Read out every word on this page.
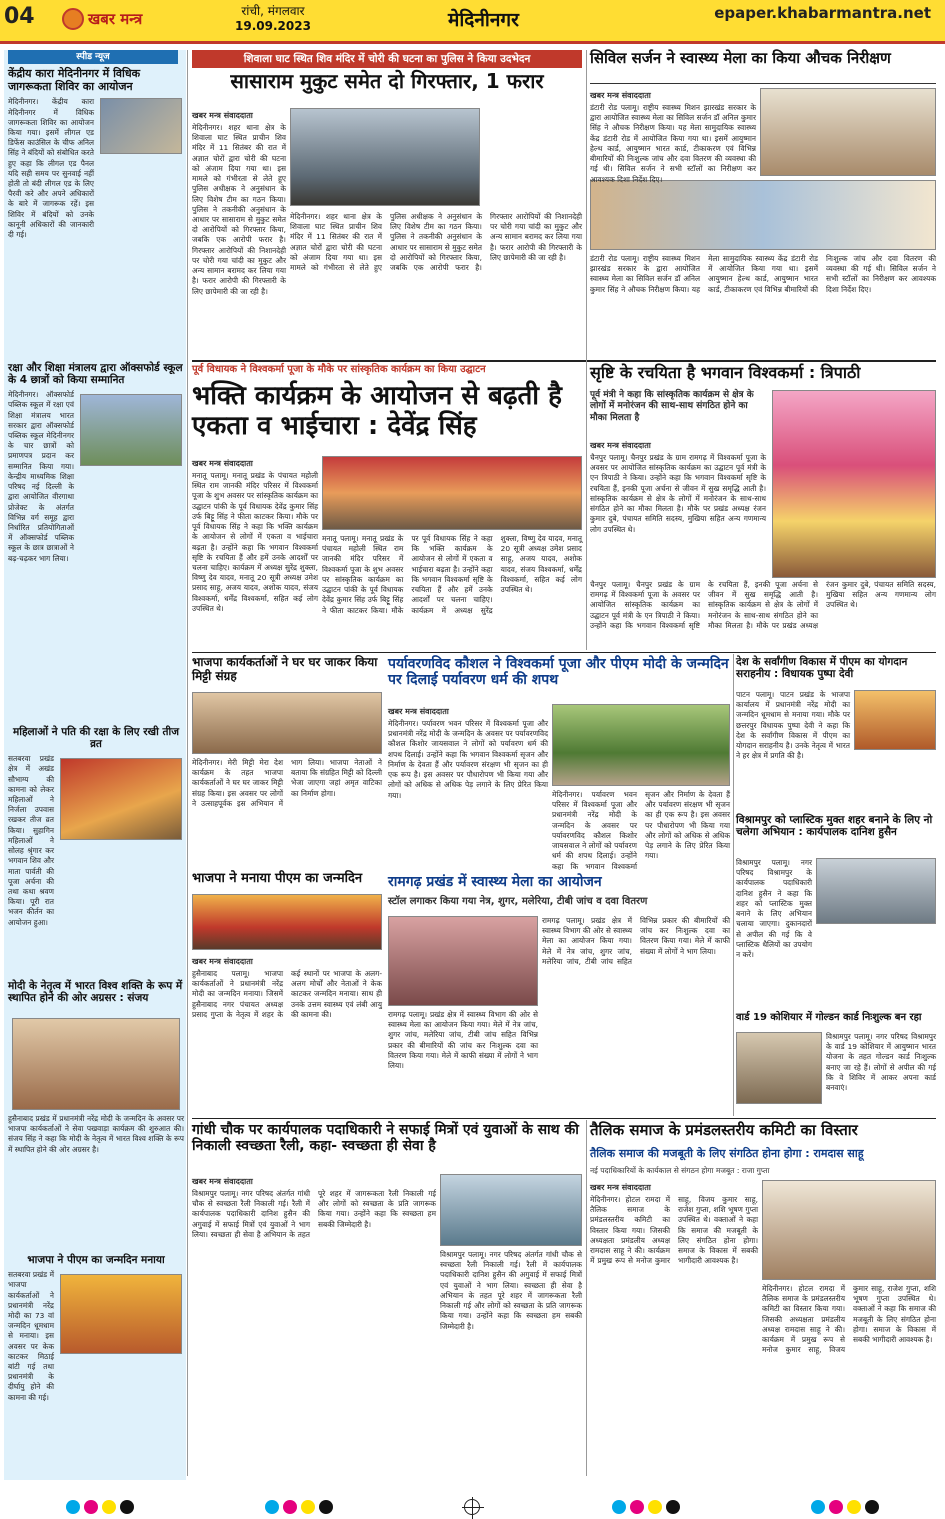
04	खबर मन्त्र	रांची, मंगलवार
19.09.2023	मेदिनीनगर	epaper.khabarmantra.net
स्पीड न्यूज
केंद्रीय कारा मेदिनीनगर में विधिक जागरूकता शिविर का आयोजन
मेदिनीनगर। केंद्रीय कारा मेदिनीनगर में विधिक जागरूकता शिविर का आयोजन किया गया। इसमें लीगल एड डिफेंस काउंसिल के चीफ अनिल सिंह ने बंदियों को संबोधित करते हुए कहा कि लीगल एड पैनल यदि सही समय पर सुनवाई नहीं होती तो बंदी लीगल एड के लिए पैरवी करे और अपने अधिकारों के बारे में जागरूक रहें। इस शिविर में बंदियों को उनके कानूनी अधिकारों की जानकारी दी गई।
रक्षा और शिक्षा मंत्रालय द्वारा ऑक्सफोर्ड स्कूल के 4 छात्रों को किया सम्मानित
मेदिनीनगर। ऑक्सफोर्ड पब्लिक स्कूल में रक्षा एवं शिक्षा मंत्रालय भारत सरकार द्वारा ऑक्सफोर्ड पब्लिक स्कूल मेदिनीनगर के चार छात्रों को प्रमाणपत्र प्रदान कर सम्मानित किया गया। केन्द्रीय माध्यमिक शिक्षा परिषद नई दिल्ली के द्वारा आयोजित वीरगाथा प्रोजेक्ट के अंतर्गत विभिन्न वर्ग समूह द्वारा निर्धारित प्रतियोगिताओं में ऑक्सफोर्ड पब्लिक स्कूल के छात्र छात्राओं ने बढ़-चढ़कर भाग लिया।
महिलाओं ने पति की रक्षा के लिए रखी तीज व्रत
सतबरवा प्रखंड क्षेत्र में अखंड सौभाग्य की कामना को लेकर महिलाओं ने निर्जला उपवास रखकर तीज व्रत किया। सुहागिन महिलाओं ने सोलह श्रृंगार कर भगवान शिव और माता पार्वती की पूजा अर्चना की तथा कथा श्रवण किया। पूरी रात भजन कीर्तन का आयोजन हुआ।
मोदी के नेतृत्व में भारत विश्व शक्ति के रूप में स्थापित होने की ओर अग्रसर : संजय
हुसैनाबाद प्रखंड में प्रधानमंत्री नरेंद्र मोदी के जन्मदिन के अवसर पर भाजपा कार्यकर्ताओं ने सेवा पखवाड़ा कार्यक्रम की शुरुआत की। संजय सिंह ने कहा कि मोदी के नेतृत्व में भारत विश्व शक्ति के रूप में स्थापित होने की ओर अग्रसर है।
भाजपा ने पीएम का जन्मदिन मनाया
सतबरवा प्रखंड में भाजपा कार्यकर्ताओं ने प्रधानमंत्री नरेंद्र मोदी का 73 वां जन्मदिन धूमधाम से मनाया। इस अवसर पर केक काटकर मिठाई बांटी गई तथा प्रधानमंत्री के दीर्घायु होने की कामना की गई।
शिवाला घाट स्थित शिव मंदिर में चोरी की घटना का पुलिस ने किया उदभेदन
सासाराम मुकुट समेत दो गिरफ्तार, 1 फरार
खबर मन्त्र संवाददाता
मेदिनीनगर। शहर थाना क्षेत्र के शिवाला घाट स्थित प्राचीन शिव मंदिर में 11 सितंबर की रात में अज्ञात चोरों द्वारा चोरी की घटना को अंजाम दिया गया था। इस मामले को गंभीरता से लेते हुए पुलिस अधीक्षक ने अनुसंधान के लिए विशेष टीम का गठन किया। पुलिस ने तकनीकी अनुसंधान के आधार पर सासाराम से मुकुट समेत दो आरोपियों को गिरफ्तार किया, जबकि एक आरोपी फरार है। गिरफ्तार आरोपियों की निशानदेही पर चोरी गया चांदी का मुकुट और अन्य सामान बरामद कर लिया गया है। फरार आरोपी की गिरफ्तारी के लिए छापेमारी की जा रही है।
मेदिनीनगर। शहर थाना क्षेत्र के शिवाला घाट स्थित प्राचीन शिव मंदिर में 11 सितंबर की रात में अज्ञात चोरों द्वारा चोरी की घटना को अंजाम दिया गया था। इस मामले को गंभीरता से लेते हुए पुलिस अधीक्षक ने अनुसंधान के लिए विशेष टीम का गठन किया। पुलिस ने तकनीकी अनुसंधान के आधार पर सासाराम से मुकुट समेत दो आरोपियों को गिरफ्तार किया, जबकि एक आरोपी फरार है। गिरफ्तार आरोपियों की निशानदेही पर चोरी गया चांदी का मुकुट और अन्य सामान बरामद कर लिया गया है। फरार आरोपी की गिरफ्तारी के लिए छापेमारी की जा रही है।
सिविल सर्जन ने स्वास्थ्य मेला का किया औचक निरीक्षण
खबर मन्त्र संवाददाता
डंटारी रोड पलामू। राष्ट्रीय स्वास्थ्य मिशन झारखंड सरकार के द्वारा आयोजित स्वास्थ्य मेला का सिविल सर्जन डॉ अनिल कुमार सिंह ने औचक निरीक्षण किया। यह मेला सामुदायिक स्वास्थ्य केंद्र डंटारी रोड में आयोजित किया गया था। इसमें आयुष्मान हेल्थ कार्ड, आयुष्मान भारत कार्ड, टीकाकरण एवं विभिन्न बीमारियों की निःशुल्क जांच और दवा वितरण की व्यवस्था की गई थी। सिविल सर्जन ने सभी स्टॉलों का निरीक्षण कर आवश्यक दिशा निर्देश दिए।
डंटारी रोड पलामू। राष्ट्रीय स्वास्थ्य मिशन झारखंड सरकार के द्वारा आयोजित स्वास्थ्य मेला का सिविल सर्जन डॉ अनिल कुमार सिंह ने औचक निरीक्षण किया। यह मेला सामुदायिक स्वास्थ्य केंद्र डंटारी रोड में आयोजित किया गया था। इसमें आयुष्मान हेल्थ कार्ड, आयुष्मान भारत कार्ड, टीकाकरण एवं विभिन्न बीमारियों की निःशुल्क जांच और दवा वितरण की व्यवस्था की गई थी। सिविल सर्जन ने सभी स्टॉलों का निरीक्षण कर आवश्यक दिशा निर्देश दिए।
पूर्व विधायक ने विश्वकर्मा पूजा के मौके पर सांस्कृतिक कार्यक्रम का किया उद्घाटन
भक्ति कार्यक्रम के आयोजन से बढ़ती है एकता व भाईचारा : देवेंद्र सिंह
खबर मन्त्र संवाददाता
मनातू पलामू। मनातू प्रखंड के पंचायत महोली स्थित राम जानकी मंदिर परिसर में विश्वकर्मा पूजा के शुभ अवसर पर सांस्कृतिक कार्यक्रम का उद्घाटन पांकी के पूर्व विधायक देवेंद्र कुमार सिंह उर्फ बिट्टू सिंह ने फीता काटकर किया। मौके पर पूर्व विधायक सिंह ने कहा कि भक्ति कार्यक्रम के आयोजन से लोगों में एकता व भाईचारा बढ़ता है। उन्होंने कहा कि भगवान विश्वकर्मा सृष्टि के रचयिता हैं और हमें उनके आदर्शों पर चलना चाहिए। कार्यक्रम में अध्यक्ष सुरेंद्र शुक्ला, विष्णु देव यादव, मनातू 20 सूत्री अध्यक्ष उमेश प्रसाद साहू, अजय यादव, अशोक यादव, संजय विश्वकर्मा, धर्मेंद्र विश्वकर्मा, सहित कई लोग उपस्थित थे।
मनातू पलामू। मनातू प्रखंड के पंचायत महोली स्थित राम जानकी मंदिर परिसर में विश्वकर्मा पूजा के शुभ अवसर पर सांस्कृतिक कार्यक्रम का उद्घाटन पांकी के पूर्व विधायक देवेंद्र कुमार सिंह उर्फ बिट्टू सिंह ने फीता काटकर किया। मौके पर पूर्व विधायक सिंह ने कहा कि भक्ति कार्यक्रम के आयोजन से लोगों में एकता व भाईचारा बढ़ता है। उन्होंने कहा कि भगवान विश्वकर्मा सृष्टि के रचयिता हैं और हमें उनके आदर्शों पर चलना चाहिए। कार्यक्रम में अध्यक्ष सुरेंद्र शुक्ला, विष्णु देव यादव, मनातू 20 सूत्री अध्यक्ष उमेश प्रसाद साहू, अजय यादव, अशोक यादव, संजय विश्वकर्मा, धर्मेंद्र विश्वकर्मा, सहित कई लोग उपस्थित थे।
सृष्टि के रचयिता है भगवान विश्वकर्मा : त्रिपाठी
पूर्व मंत्री ने कहा कि सांस्कृतिक कार्यक्रम से क्षेत्र के लोगों में मनोरंजन की साथ-साथ संगठित होने का मौका मिलता है
खबर मन्त्र संवाददाता
चैनपुर पलामू। चैनपुर प्रखंड के ग्राम रामगढ़ में विश्वकर्मा पूजा के अवसर पर आयोजित सांस्कृतिक कार्यक्रम का उद्घाटन पूर्व मंत्री के एन त्रिपाठी ने किया। उन्होंने कहा कि भगवान विश्वकर्मा सृष्टि के रचयिता हैं, इनकी पूजा अर्चना से जीवन में सुख समृद्धि आती है। सांस्कृतिक कार्यक्रम से क्षेत्र के लोगों में मनोरंजन के साथ-साथ संगठित होने का मौका मिलता है। मौके पर प्रखंड अध्यक्ष रंजन कुमार दुबे, पंचायत समिति सदस्य, मुखिया सहित अन्य गणमान्य लोग उपस्थित थे।
चैनपुर पलामू। चैनपुर प्रखंड के ग्राम रामगढ़ में विश्वकर्मा पूजा के अवसर पर आयोजित सांस्कृतिक कार्यक्रम का उद्घाटन पूर्व मंत्री के एन त्रिपाठी ने किया। उन्होंने कहा कि भगवान विश्वकर्मा सृष्टि के रचयिता हैं, इनकी पूजा अर्चना से जीवन में सुख समृद्धि आती है। सांस्कृतिक कार्यक्रम से क्षेत्र के लोगों में मनोरंजन के साथ-साथ संगठित होने का मौका मिलता है। मौके पर प्रखंड अध्यक्ष रंजन कुमार दुबे, पंचायत समिति सदस्य, मुखिया सहित अन्य गणमान्य लोग उपस्थित थे।
भाजपा कार्यकर्ताओं ने घर घर जाकर किया मिट्टी संग्रह
मेदिनीनगर। मेरी मिट्टी मेरा देश कार्यक्रम के तहत भाजपा कार्यकर्ताओं ने घर घर जाकर मिट्टी संग्रह किया। इस अवसर पर लोगों ने उत्साहपूर्वक इस अभियान में भाग लिया। भाजपा नेताओं ने बताया कि संग्रहित मिट्टी को दिल्ली भेजा जाएगा जहां अमृत वाटिका का निर्माण होगा।
पर्यावरणविद कौशल ने विश्वकर्मा पूजा और पीएम मोदी के जन्मदिन पर दिलाई पर्यावरण धर्म की शपथ
खबर मन्त्र संवाददाता
मेदिनीनगर। पर्यावरण भवन परिसर में विश्वकर्मा पूजा और प्रधानमंत्री नरेंद्र मोदी के जन्मदिन के अवसर पर पर्यावरणविद कौशल किशोर जायसवाल ने लोगों को पर्यावरण धर्म की शपथ दिलाई। उन्होंने कहा कि भगवान विश्वकर्मा सृजन और निर्माण के देवता हैं और पर्यावरण संरक्षण भी सृजन का ही एक रूप है। इस अवसर पर पौधारोपण भी किया गया और लोगों को अधिक से अधिक पेड़ लगाने के लिए प्रेरित किया गया।	मेदिनीनगर। पर्यावरण भवन परिसर में विश्वकर्मा पूजा और प्रधानमंत्री नरेंद्र मोदी के जन्मदिन के अवसर पर पर्यावरणविद कौशल किशोर जायसवाल ने लोगों को पर्यावरण धर्म की शपथ दिलाई। उन्होंने कहा कि भगवान विश्वकर्मा सृजन और निर्माण के देवता हैं और पर्यावरण संरक्षण भी सृजन का ही एक रूप है। इस अवसर पर पौधारोपण भी किया गया और लोगों को अधिक से अधिक पेड़ लगाने के लिए प्रेरित किया गया।
देश के सर्वांगीण विकास में पीएम का योगदान सराहनीय : विधायक पुष्पा देवी
पाटन पलामू। पाटन प्रखंड के भाजपा कार्यालय में प्रधानमंत्री नरेंद्र मोदी का जन्मदिन धूमधाम से मनाया गया। मौके पर छत्तरपुर विधायक पुष्पा देवी ने कहा कि देश के सर्वांगीण विकास में पीएम का योगदान सराहनीय है। उनके नेतृत्व में भारत ने हर क्षेत्र में प्रगति की है।
विश्रामपुर को प्लास्टिक मुक्त शहर बनाने के लिए नो चलेगा अभियान : कार्यपालक दानिश हुसैन
विश्रामपुर पलामू। नगर परिषद विश्रामपुर के कार्यपालक पदाधिकारी दानिश हुसैन ने कहा कि शहर को प्लास्टिक मुक्त बनाने के लिए अभियान चलाया जाएगा। दुकानदारों से अपील की गई कि वे प्लास्टिक थैलियों का उपयोग न करें।
वार्ड 19 कोशियार में गोल्डन कार्ड निःशुल्क बन रहा
विश्रामपुर पलामू। नगर परिषद विश्रामपुर के वार्ड 19 कोशियार में आयुष्मान भारत योजना के तहत गोल्डन कार्ड निःशुल्क बनाए जा रहे हैं। लोगों से अपील की गई कि वे शिविर में आकर अपना कार्ड बनवाएं।
भाजपा ने मनाया पीएम का जन्मदिन
खबर मन्त्र संवाददाता
हुसैनाबाद पलामू। भाजपा कार्यकर्ताओं ने प्रधानमंत्री नरेंद्र मोदी का जन्मदिन मनाया। जिसमें हुसैनाबाद नगर पंचायत अध्यक्ष प्रसाद गुप्ता के नेतृत्व में शहर के कई स्थानों पर भाजपा के अलग-अलग मोर्चों और नेताओं ने केक काटकर जन्मदिन मनाया। साथ ही उनके उत्तम स्वास्थ्य एवं लंबी आयु की कामना की।
रामगढ़ प्रखंड में स्वास्थ्य मेला का आयोजन
स्टॉल लगाकर किया गया नेत्र, शुगर, मलेरिया, टीबी जांच व दवा वितरण
रामगढ़ पलामू। प्रखंड क्षेत्र में स्वास्थ्य विभाग की ओर से स्वास्थ्य मेला का आयोजन किया गया। मेले में नेत्र जांच, शुगर जांच, मलेरिया जांच, टीबी जांच सहित विभिन्न प्रकार की बीमारियों की जांच कर निःशुल्क दवा का वितरण किया गया। मेले में काफी संख्या में लोगों ने भाग लिया।
रामगढ़ पलामू। प्रखंड क्षेत्र में स्वास्थ्य विभाग की ओर से स्वास्थ्य मेला का आयोजन किया गया। मेले में नेत्र जांच, शुगर जांच, मलेरिया जांच, टीबी जांच सहित विभिन्न प्रकार की बीमारियों की जांच कर निःशुल्क दवा का वितरण किया गया। मेले में काफी संख्या में लोगों ने भाग लिया।
गांधी चौक पर कार्यपालक पदाधिकारी ने सफाई मित्रों एवं युवाओं के साथ की निकाली स्वच्छता रैली, कहा- स्वच्छता ही सेवा है
खबर मन्त्र संवाददाता
विश्रामपुर पलामू। नगर परिषद अंतर्गत गांधी चौक से स्वच्छता रैली निकाली गई। रैली में कार्यपालक पदाधिकारी दानिश हुसैन की अगुवाई में सफाई मित्रों एवं युवाओं ने भाग लिया। स्वच्छता ही सेवा है अभियान के तहत पूरे शहर में जागरूकता रैली निकाली गई और लोगों को स्वच्छता के प्रति जागरूक किया गया। उन्होंने कहा कि स्वच्छता हम सबकी जिम्मेदारी है।
विश्रामपुर पलामू। नगर परिषद अंतर्गत गांधी चौक से स्वच्छता रैली निकाली गई। रैली में कार्यपालक पदाधिकारी दानिश हुसैन की अगुवाई में सफाई मित्रों एवं युवाओं ने भाग लिया। स्वच्छता ही सेवा है अभियान के तहत पूरे शहर में जागरूकता रैली निकाली गई और लोगों को स्वच्छता के प्रति जागरूक किया गया। उन्होंने कहा कि स्वच्छता हम सबकी जिम्मेदारी है।
तैलिक समाज के प्रमंडलस्तरीय कमिटी का विस्तार
तैलिक समाज की मजबूती के लिए संगठित होना होगा : रामदास साहू
नई पदाधिकारियों के कार्यकाल से संगठन होगा मजबूत : राजा गुप्ता
खबर मन्त्र संवाददाता
मेदिनीनगर। होटल रामदा में तैलिक समाज के प्रमंडलस्तरीय कमिटी का विस्तार किया गया। जिसकी अध्यक्षता प्रमंडलीय अध्यक्ष रामदास साहू ने की। कार्यक्रम में प्रमुख रूप से मनोज कुमार साहू, विजय कुमार साहू, राजेश गुप्ता, शशि भूषण गुप्ता उपस्थित थे। वक्ताओं ने कहा कि समाज की मजबूती के लिए संगठित होना होगा। समाज के विकास में सबकी भागीदारी आवश्यक है।
मेदिनीनगर। होटल रामदा में तैलिक समाज के प्रमंडलस्तरीय कमिटी का विस्तार किया गया। जिसकी अध्यक्षता प्रमंडलीय अध्यक्ष रामदास साहू ने की। कार्यक्रम में प्रमुख रूप से मनोज कुमार साहू, विजय कुमार साहू, राजेश गुप्ता, शशि भूषण गुप्ता उपस्थित थे। वक्ताओं ने कहा कि समाज की मजबूती के लिए संगठित होना होगा। समाज के विकास में सबकी भागीदारी आवश्यक है।
